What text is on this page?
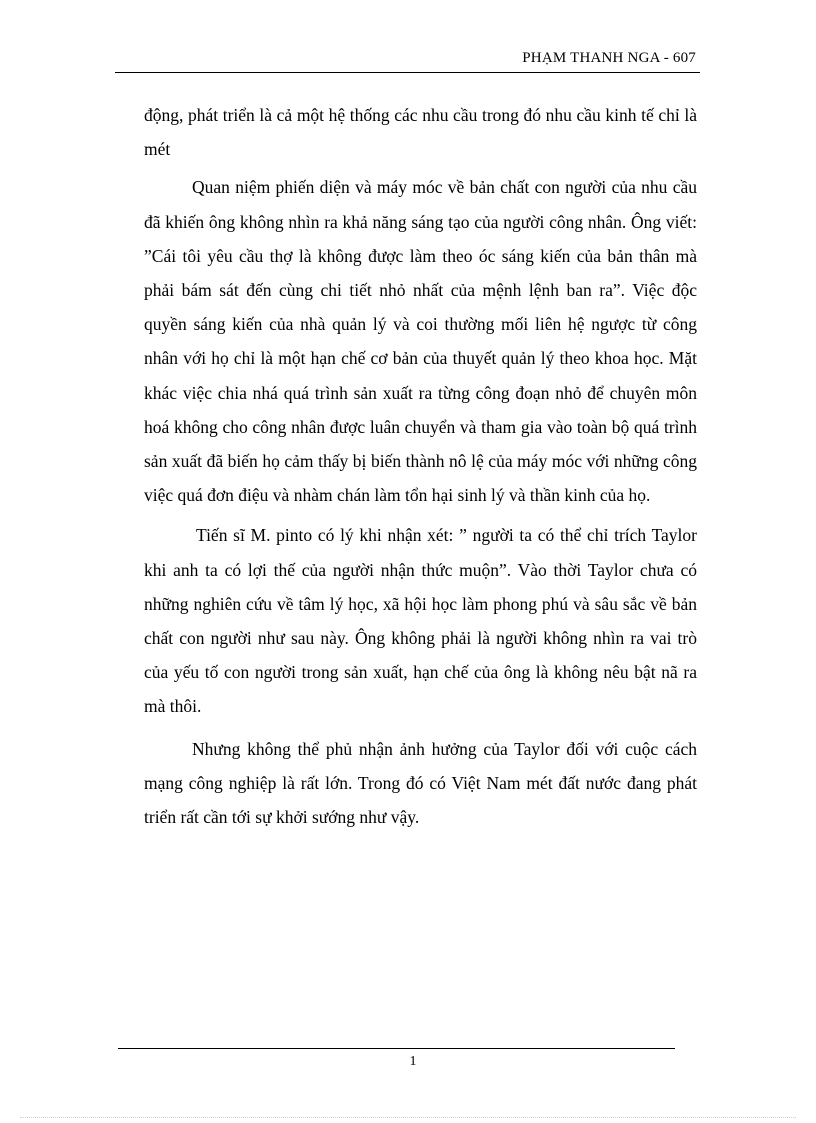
PHẠM THANH NGA - 607

động, phát triển là cả một hệ thống các nhu cầu trong đó nhu cầu kinh tế chỉ là mét

Quan niệm phiến diện và máy móc về bản chất con người của nhu cầu đã khiến ông không nhìn ra khả năng sáng tạo của người công nhân. Ông viết: ”Cái tôi yêu cầu thợ là không được làm theo óc sáng kiến của bản thân mà phải bám sát đến cùng chi tiết nhỏ nhất của mệnh lệnh ban ra”. Việc độc quyền sáng kiến của nhà quản lý và coi thường mối liên hệ ngược từ công nhân với họ chỉ là một hạn chế cơ bản của thuyết quản lý theo khoa học. Mặt khác việc chia nhá quá trình sản xuất ra từng công đoạn nhỏ để chuyên môn hoá không cho công nhân được luân chuyển và tham gia vào toàn bộ quá trình sản xuất đã biến họ cảm thấy bị biến thành nô lệ của máy móc với những công việc quá đơn điệu và nhàm chán làm tổn hại sinh lý và thần kinh của họ.

Tiến sĩ M. pinto có lý khi nhận xét: ” người ta có thể chỉ trích Taylor khi anh ta có lợi thế của người nhận thức muộn”. Vào thời Taylor chưa có những nghiên cứu về tâm lý học, xã hội học làm phong phú và sâu sắc về bản chất con người như sau này. Ông không phải là người không nhìn ra vai trò của yếu tố con người trong sản xuất, hạn chế của ông là không nêu bật nã ra mà thôi.

Nhưng không thể phủ nhận ảnh hưởng của Taylor đối với cuộc cách mạng công nghiệp là rất lớn. Trong đó có Việt Nam mét đất nước đang phát triển rất cần tới sự khởi sướng như vậy.

1
